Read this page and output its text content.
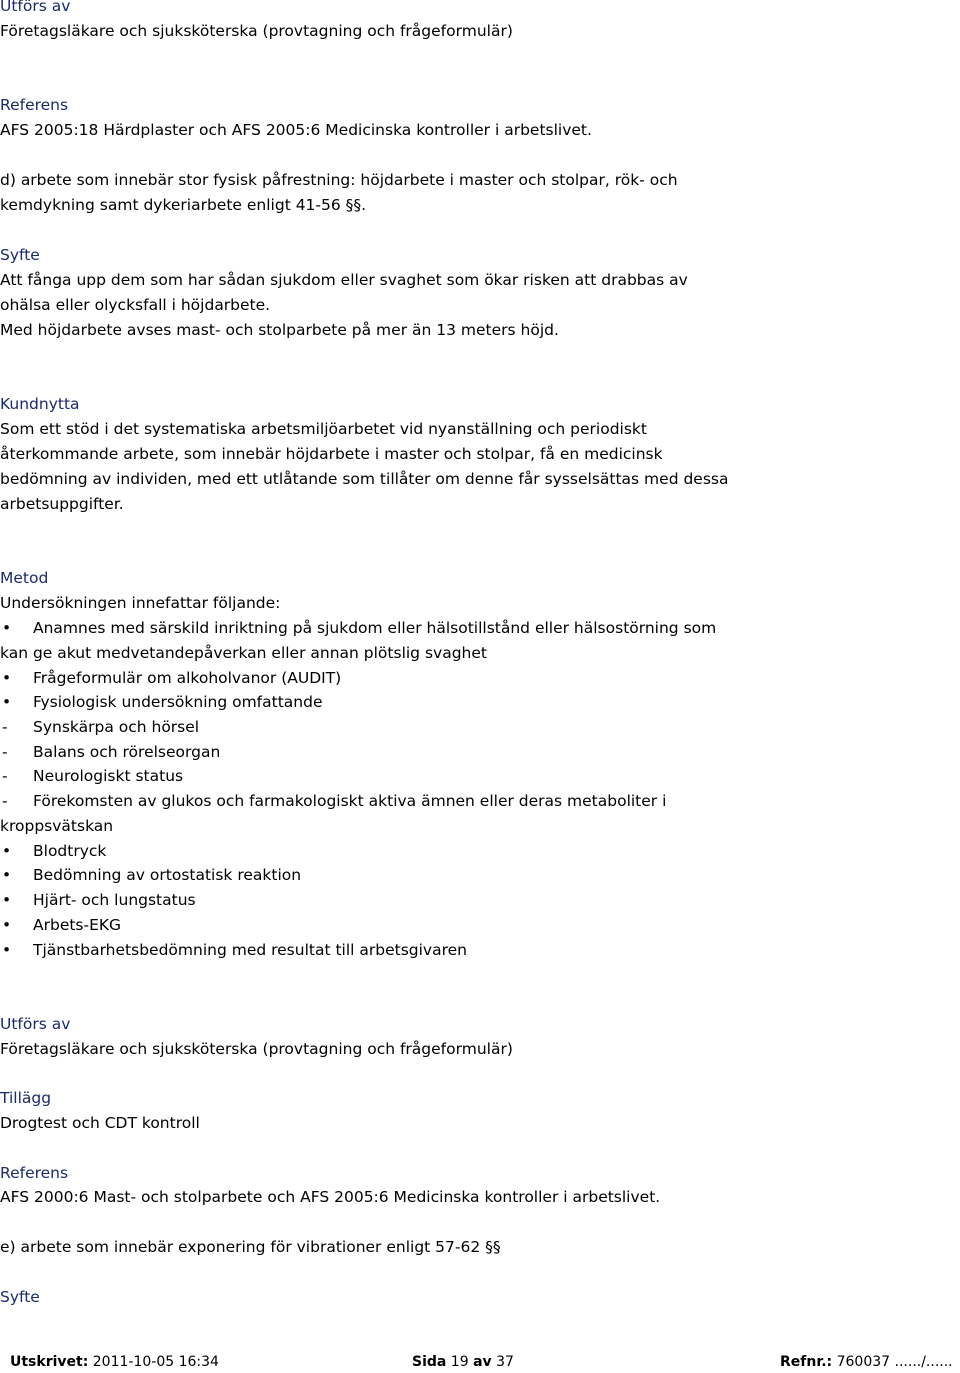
Utförs av
Företagsläkare och sjuksköterska (provtagning och frågeformulär)
Referens
AFS 2005:18 Härdplaster och AFS 2005:6 Medicinska kontroller i arbetslivet.
d) arbete som innebär stor fysisk påfrestning: höjdarbete i master och stolpar, rök- och
kemdykning samt dykeriarbete enligt 41-56 §§.
Syfte
Att fånga upp dem som har sådan sjukdom eller svaghet som ökar risken att drabbas av
ohälsa eller olycksfall i höjdarbete.
Med höjdarbete avses mast- och stolparbete på mer än 13 meters höjd.
Kundnytta
Som ett stöd i det systematiska arbetsmiljöarbetet vid nyanställning och periodiskt
återkommande arbete, som innebär höjdarbete i master och stolpar, få en medicinsk
bedömning av individen, med ett utlåtande som tillåter om denne får sysselsättas med dessa
arbetsuppgifter.
Metod
Undersökningen innefattar följande:
•	Anamnes med särskild inriktning på sjukdom eller hälsotillstånd eller hälsostörning som
kan ge akut medvetandepåverkan eller annan plötslig svaghet
•	Frågeformulär om alkoholvanor (AUDIT)
•	Fysiologisk undersökning omfattande
-	Synskärpa och hörsel
-	Balans och rörelseorgan
-	Neurologiskt status
-	Förekomsten av glukos och farmakologiskt aktiva ämnen eller deras metaboliter i
kroppsvätskan
•	Blodtryck
•	Bedömning av ortostatisk reaktion
•	Hjärt- och lungstatus
•	Arbets-EKG
•	Tjänstbarhetsbedömning med resultat till arbetsgivaren
Utförs av
Företagsläkare och sjuksköterska (provtagning och frågeformulär)
Tillägg
Drogtest och CDT kontroll
Referens
AFS 2000:6 Mast- och stolparbete och AFS 2005:6 Medicinska kontroller i arbetslivet.
e) arbete som innebär exponering för vibrationer enligt 57-62 §§
Syfte
Utskrivet: 2011-10-05 16:34	Sida 19 av 37	Refnr.: 760037 ....../......
